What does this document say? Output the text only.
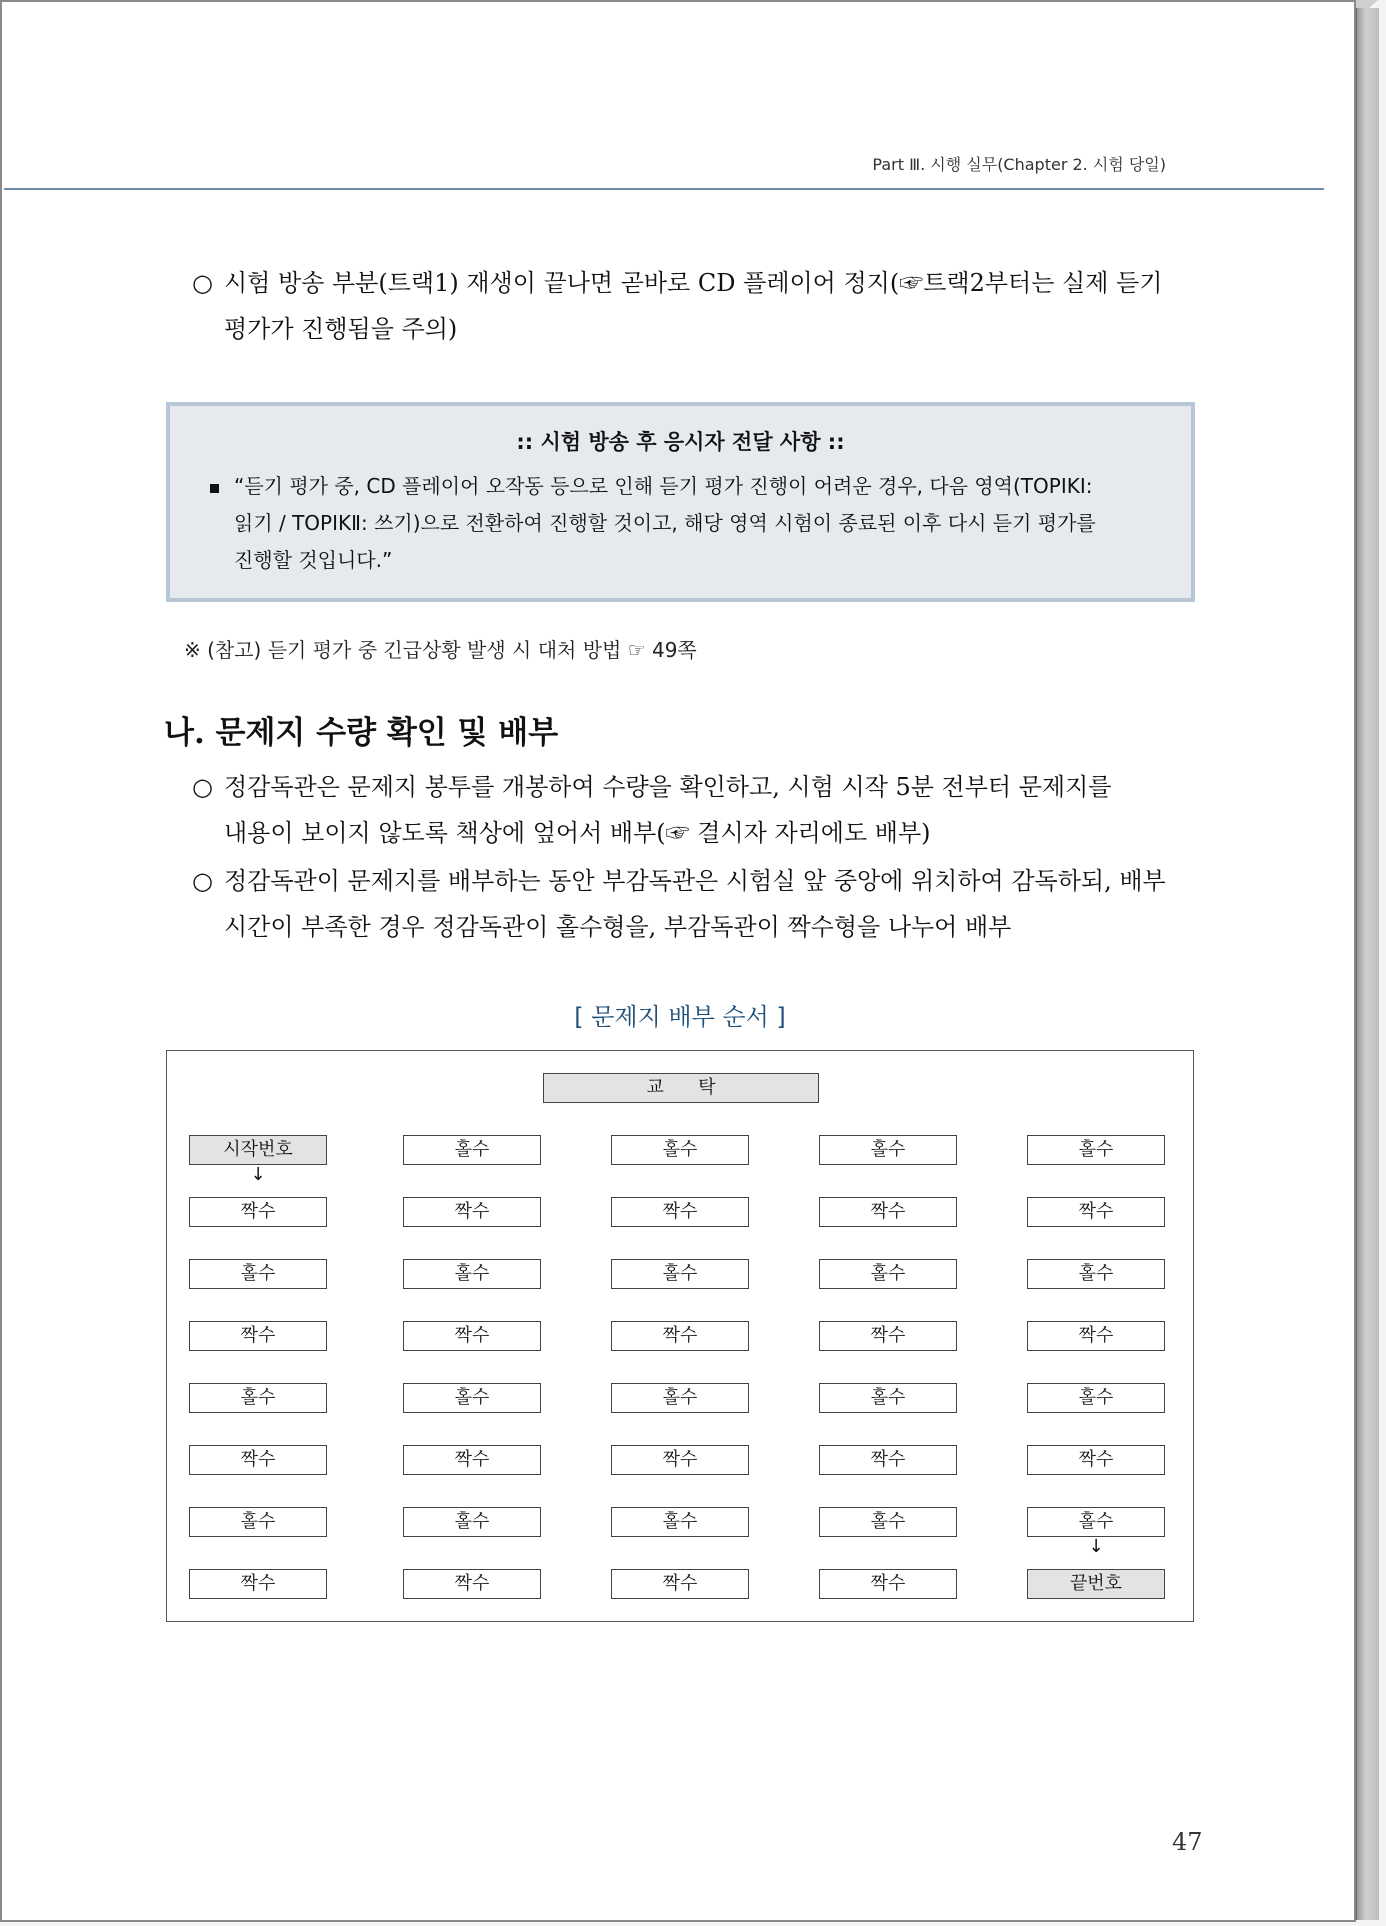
Part Ⅲ. 시행 실무(Chapter 2. 시험 당일)
○ 시험 방송 부분(트랙1) 재생이 끝나면 곧바로 CD 플레이어 정지(☞트랙2부터는 실제 듣기
평가가 진행됨을 주의)
:: 시험 방송 후 응시자 전달 사항 ::
“듣기 평가 중, CD 플레이어 오작동 등으로 인해 듣기 평가 진행이 어려운 경우, 다음 영역(TOPIKⅠ:
읽기 / TOPIKⅡ: 쓰기)으로 전환하여 진행할 것이고, 해당 영역 시험이 종료된 이후 다시 듣기 평가를
진행할 것입니다.”
※ (참고) 듣기 평가 중 긴급상황 발생 시 대처 방법 ☞ 49쪽
나. 문제지 수량 확인 및 배부
○ 정감독관은 문제지 봉투를 개봉하여 수량을 확인하고, 시험 시작 5분 전부터 문제지를
내용이 보이지 않도록 책상에 엎어서 배부(☞ 결시자 자리에도 배부)
○ 정감독관이 문제지를 배부하는 동안 부감독관은 시험실 앞 중앙에 위치하여 감독하되, 배부
시간이 부족한 경우 정감독관이 홀수형을, 부감독관이 짝수형을 나누어 배부
[ 문제지 배부 순서 ]
교      탁
시작번호	홀수	홀수	홀수	홀수
짝수	짝수	짝수	짝수	짝수
홀수	홀수	홀수	홀수	홀수
짝수	짝수	짝수	짝수	짝수
홀수	홀수	홀수	홀수	홀수
짝수	짝수	짝수	짝수	짝수
홀수	홀수	홀수	홀수	홀수
짝수	짝수	짝수	짝수	끝번호
↓
↓
47
